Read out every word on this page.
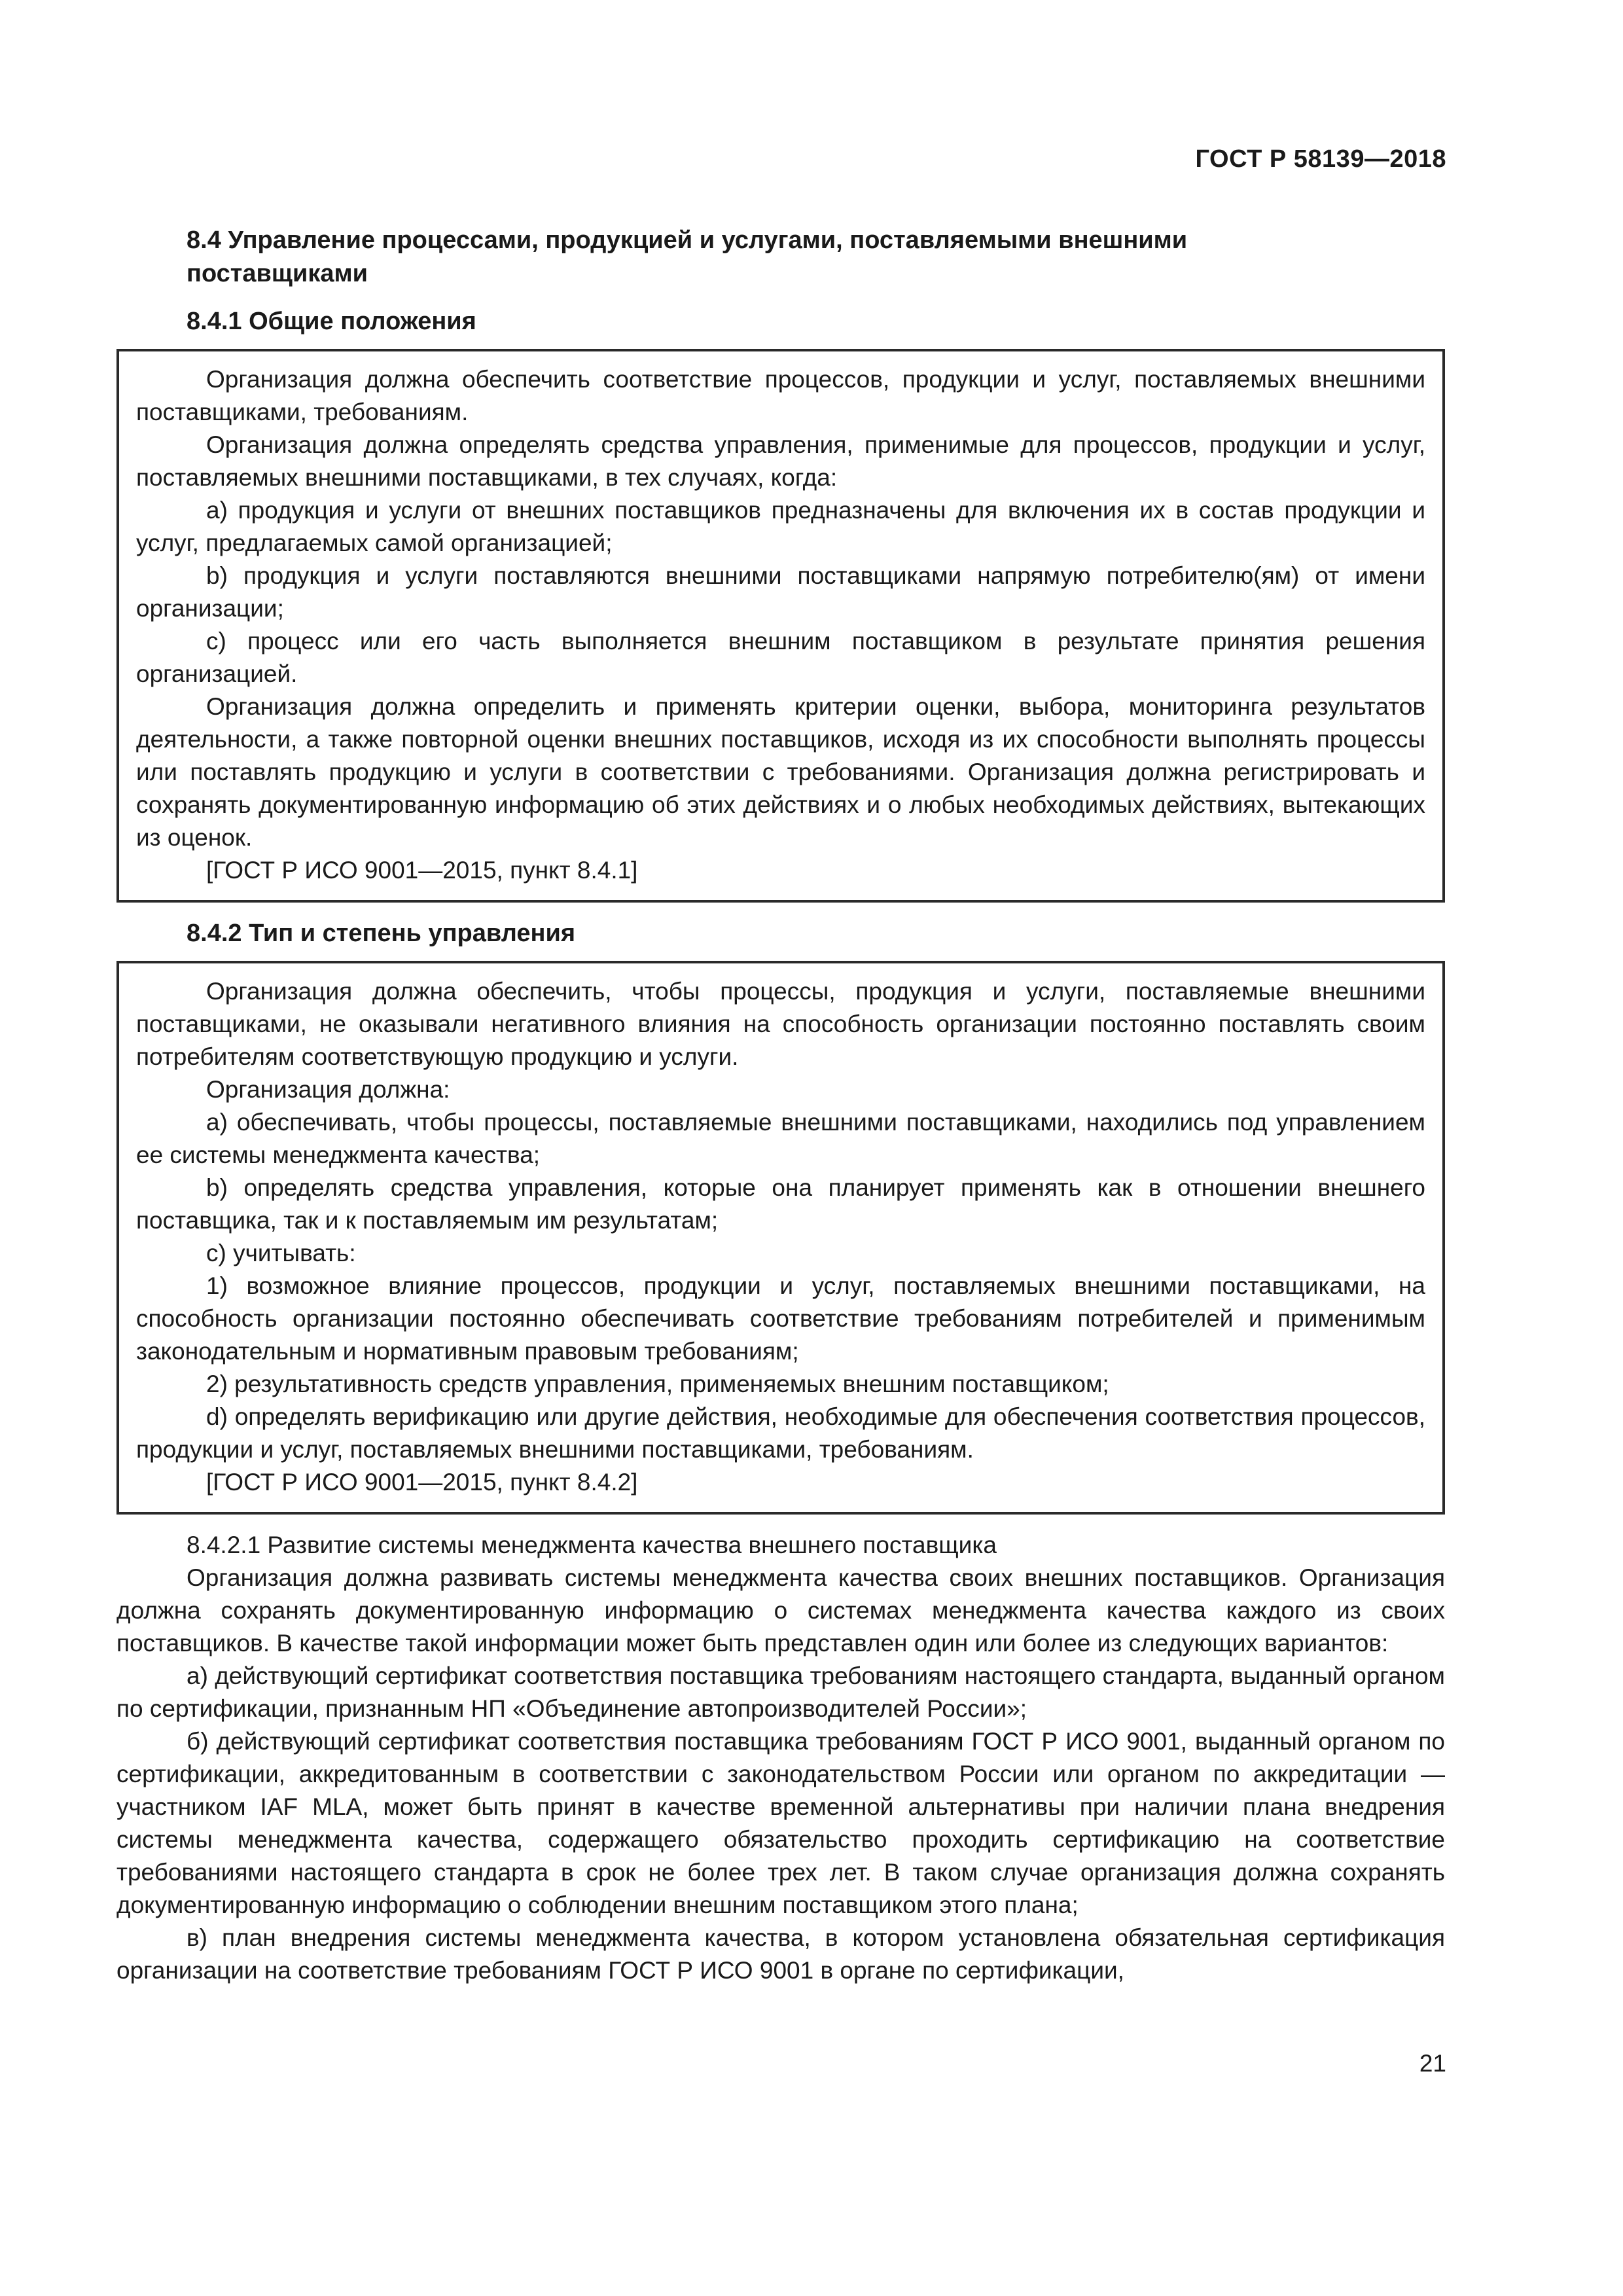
ГОСТ Р 58139—2018
8.4 Управление процессами, продукцией и услугами, поставляемыми внешними
поставщиками
8.4.1 Общие положения

Организация должна обеспечить соответствие процессов, продукции и услуг, поставляемых внешними поставщиками, требованиям.

Организация должна определять средства управления, применимые для процессов, продукции и услуг, поставляемых внешними поставщиками, в тех случаях, когда:

a) продукция и услуги от внешних поставщиков предназначены для включения их в состав продукции и услуг, предлагаемых самой организацией;

b) продукция и услуги поставляются внешними поставщиками напрямую потребителю(ям) от имени организации;

c) процесс или его часть выполняется внешним поставщиком в результате принятия решения организацией.

Организация должна определить и применять критерии оценки, выбора, мониторинга результатов деятельности, а также повторной оценки внешних поставщиков, исходя из их способности выполнять процессы или поставлять продукцию и услуги в соответствии с требованиями. Организация должна регистрировать и сохранять документированную информацию об этих действиях и о любых необходимых действиях, вытекающих из оценок.

[ГОСТ Р ИСО 9001—2015, пункт 8.4.1]

8.4.2 Тип и степень управления

Организация должна обеспечить, чтобы процессы, продукция и услуги, поставляемые внешними поставщиками, не оказывали негативного влияния на способность организации постоянно поставлять своим потребителям соответствующую продукцию и услуги.

Организация должна:

a) обеспечивать, чтобы процессы, поставляемые внешними поставщиками, находились под управлением ее системы менеджмента качества;

b) определять средства управления, которые она планирует применять как в отношении внешнего поставщика, так и к поставляемым им результатам;

c) учитывать:

1) возможное влияние процессов, продукции и услуг, поставляемых внешними поставщиками, на способность организации постоянно обеспечивать соответствие требованиям потребителей и применимым законодательным и нормативным правовым требованиям;

2) результативность средств управления, применяемых внешним поставщиком;

d) определять верификацию или другие действия, необходимые для обеспечения соответствия процессов, продукции и услуг, поставляемых внешними поставщиками, требованиям.

[ГОСТ Р ИСО 9001—2015, пункт 8.4.2]

8.4.2.1 Развитие системы менеджмента качества внешнего поставщика

Организация должна развивать системы менеджмента качества своих внешних поставщиков. Организация должна сохранять документированную информацию о системах менеджмента качества каждого из своих поставщиков. В качестве такой информации может быть представлен один или более из следующих вариантов:

а) действующий сертификат соответствия поставщика требованиям настоящего стандарта, выданный органом по сертификации, признанным НП «Объединение автопроизводителей России»;

б) действующий сертификат соответствия поставщика требованиям ГОСТ Р ИСО 9001, выданный органом по сертификации, аккредитованным в соответствии с законодательством России или органом по аккредитации — участником IAF MLA, может быть принят в качестве временной альтернативы при наличии плана внедрения системы менеджмента качества, содержащего обязательство проходить сертификацию на соответствие требованиями настоящего стандарта в срок не более трех лет. В таком случае организация должна сохранять документированную информацию о соблюдении внешним поставщиком этого плана;

в) план внедрения системы менеджмента качества, в котором установлена обязательная сертификация организации на соответствие требованиям ГОСТ Р ИСО 9001 в органе по сертификации,

21
